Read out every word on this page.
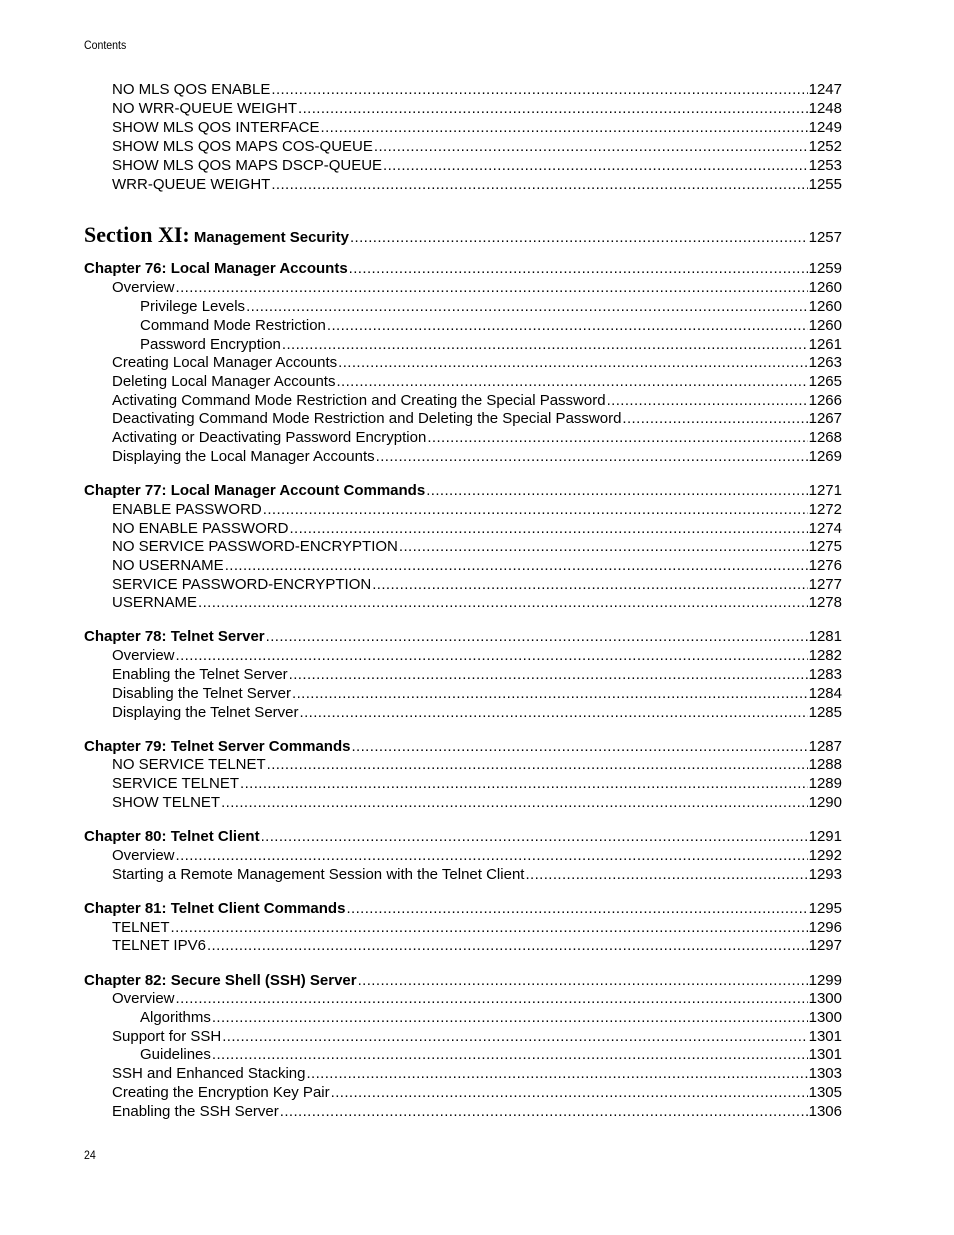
Contents
NO MLS QOS ENABLE .....	1247
NO WRR-QUEUE WEIGHT .....	1248
SHOW MLS QOS INTERFACE .....	1249
SHOW MLS QOS MAPS COS-QUEUE .....	1252
SHOW MLS QOS MAPS DSCP-QUEUE .....	1253
WRR-QUEUE WEIGHT .....	1255
Section XI: Management Security .....	1257
Chapter 76: Local Manager Accounts .....	1259
Overview .....	1260
Privilege Levels .....	1260
Command Mode Restriction .....	1260
Password Encryption .....	1261
Creating Local Manager Accounts .....	1263
Deleting Local Manager Accounts .....	1265
Activating Command Mode Restriction and Creating the Special Password .....	1266
Deactivating Command Mode Restriction and Deleting the Special Password .....	1267
Activating or Deactivating Password Encryption .....	1268
Displaying the Local Manager Accounts .....	1269
Chapter 77: Local Manager Account Commands .....	1271
ENABLE PASSWORD .....	1272
NO ENABLE PASSWORD .....	1274
NO SERVICE PASSWORD-ENCRYPTION .....	1275
NO USERNAME .....	1276
SERVICE PASSWORD-ENCRYPTION .....	1277
USERNAME .....	1278
Chapter 78: Telnet Server .....	1281
Overview .....	1282
Enabling the Telnet Server .....	1283
Disabling the Telnet Server .....	1284
Displaying the Telnet Server .....	1285
Chapter 79: Telnet Server Commands .....	1287
NO SERVICE TELNET .....	1288
SERVICE TELNET .....	1289
SHOW TELNET .....	1290
Chapter 80: Telnet Client .....	1291
Overview .....	1292
Starting a Remote Management Session with the Telnet Client .....	1293
Chapter 81: Telnet Client Commands .....	1295
TELNET .....	1296
TELNET IPV6 .....	1297
Chapter 82: Secure Shell (SSH) Server .....	1299
Overview .....	1300
Algorithms .....	1300
Support for SSH .....	1301
Guidelines .....	1301
SSH and Enhanced Stacking .....	1303
Creating the Encryption Key Pair .....	1305
Enabling the SSH Server .....	1306
24
